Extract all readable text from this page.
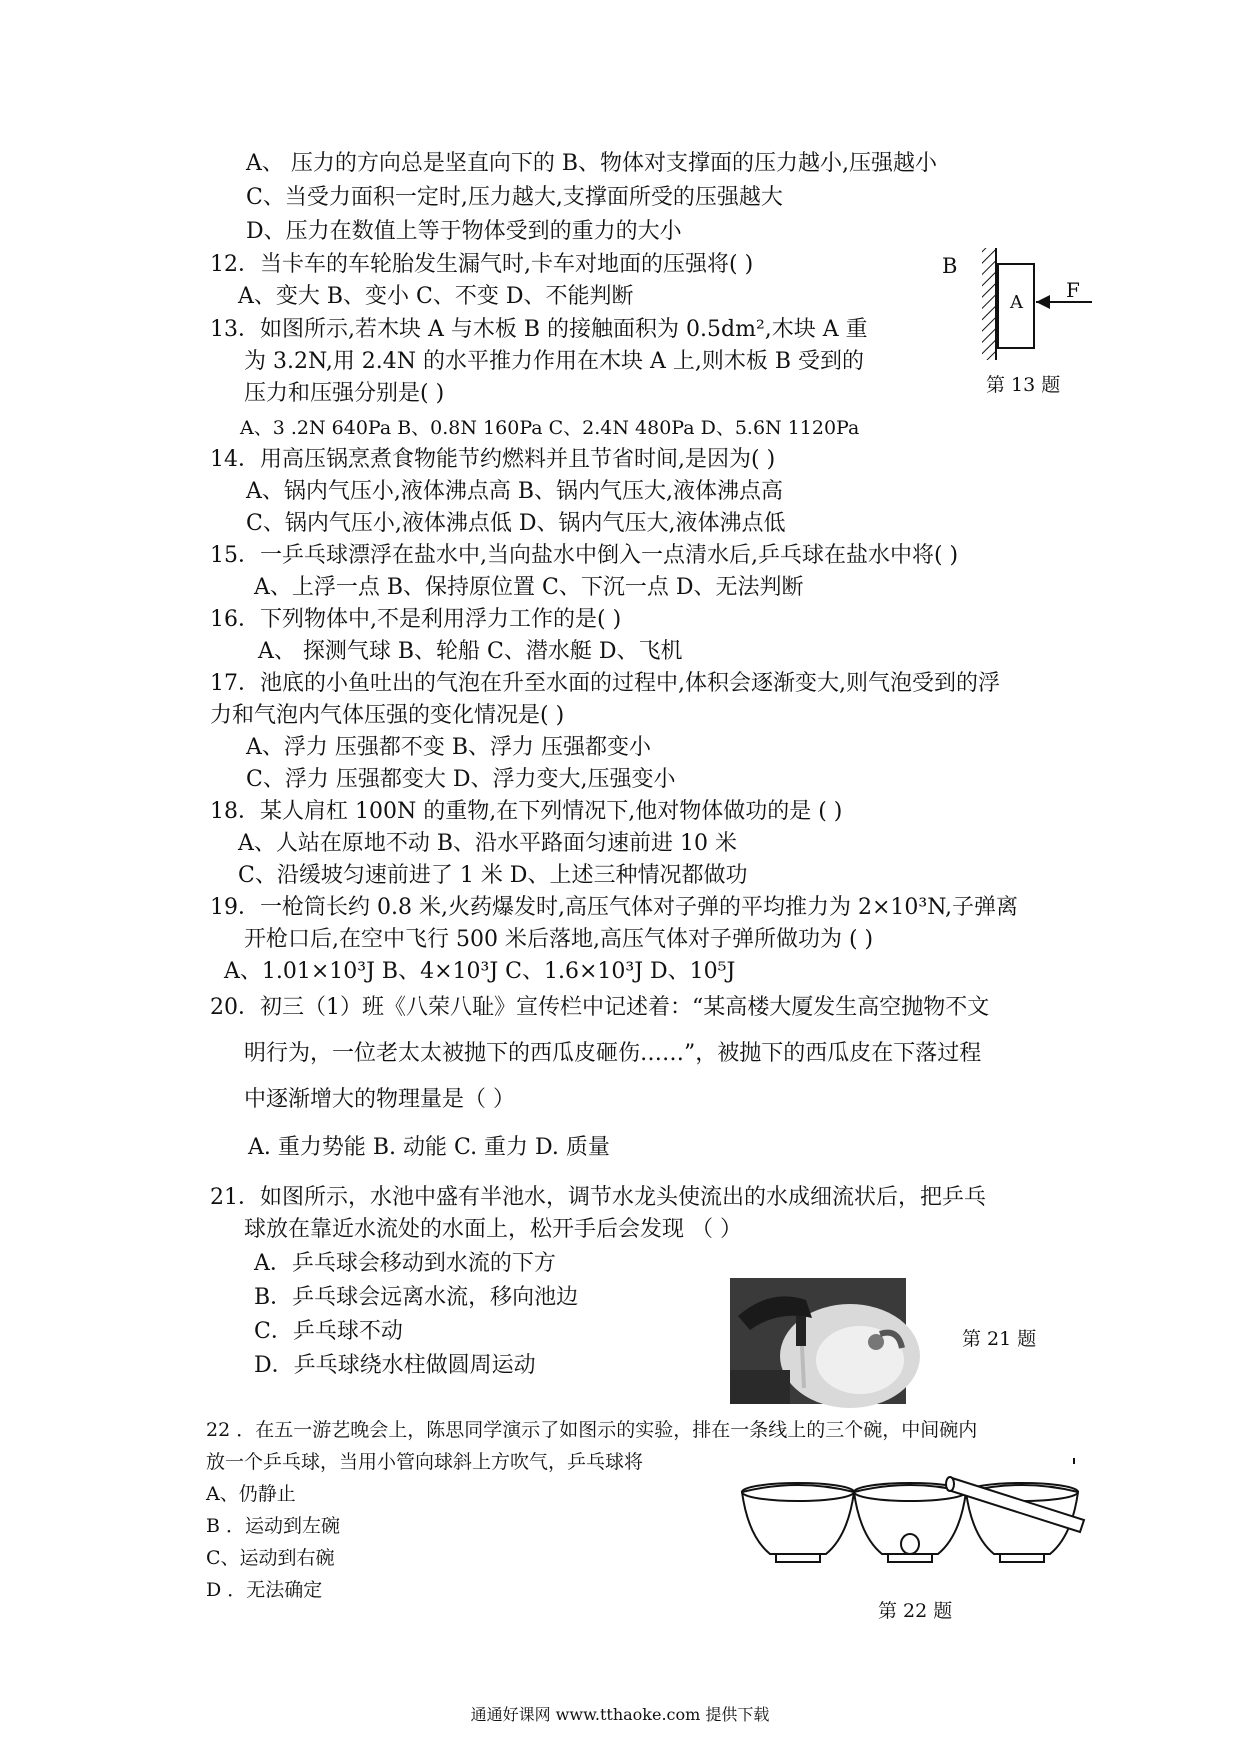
A、 压力的方向总是坚直向下的 B、物体对支撑面的压力越小,压强越小
C、当受力面积一定时,压力越大,支撑面所受的压强越大
D、压力在数值上等于物体受到的重力的大小
12．当卡车的车轮胎发生漏气时,卡车对地面的压强将( )
A、变大 B、变小 C、不变 D、不能判断
13．如图所示,若木块 A 与木板 B 的接触面积为 0.5dm²,木块 A 重
为 3.2N,用 2.4N 的水平推力作用在木块 A 上,则木板 B 受到的
压力和压强分别是( )
A、3 .2N 640Pa B、0.8N 160Pa C、2.4N 480Pa D、5.6N 1120Pa
14．用高压锅烹煮食物能节约燃料并且节省时间,是因为( )
A、锅内气压小,液体沸点高 B、锅内气压大,液体沸点高
C、锅内气压小,液体沸点低 D、锅内气压大,液体沸点低
15．一乒乓球漂浮在盐水中,当向盐水中倒入一点清水后,乒乓球在盐水中将( )
A、上浮一点 B、保持原位置 C、下沉一点 D、无法判断
16．下列物体中,不是利用浮力工作的是( )
A、 探测气球 B、轮船 C、潜水艇 D、飞机
17．池底的小鱼吐出的气泡在升至水面的过程中,体积会逐渐变大,则气泡受到的浮
力和气泡内气体压强的变化情况是( )
A、浮力 压强都不变 B、浮力 压强都变小
C、浮力 压强都变大 D、浮力变大,压强变小
18．某人肩杠 100N 的重物,在下列情况下,他对物体做功的是 ( )
A、人站在原地不动 B、沿水平路面匀速前进 10 米
C、沿缓坡匀速前进了 1 米 D、上述三种情况都做功
19．一枪筒长约 0.8 米,火药爆发时,高压气体对子弹的平均推力为 2×10³N,子弹离
开枪口后,在空中飞行 500 米后落地,高压气体对子弹所做功为 ( )
A、1.01×10³J B、4×10³J C、1.6×10³J D、10⁵J
20．初三（1）班《八荣八耻》宣传栏中记述着：“某高楼大厦发生高空抛物不文
明行为，一位老太太被抛下的西瓜皮砸伤……”，被抛下的西瓜皮在下落过程
中逐渐增大的物理量是（ ）
A. 重力势能 B. 动能 C. 重力 D. 质量
21．如图所示，水池中盛有半池水，调节水龙头使流出的水成细流状后，把乒乓
球放在靠近水流处的水面上，松开手后会发现 （ ）
A．乒乓球会移动到水流的下方
B．乒乓球会远离水流，移向池边
C．乒乓球不动
D．乒乓球绕水柱做圆周运动
22 ．在五一游艺晚会上，陈思同学演示了如图示的实验，排在一条线上的三个碗，中间碗内
放一个乒乓球，当用小管向球斜上方吹气，乒乓球将
A、仍静止
B ．运动到左碗
C、运动到右碗
D ．无法确定
B
A
F
第 13 题
第 21 题
第 22 题
通通好课网 www.tthaoke.com 提供下载
